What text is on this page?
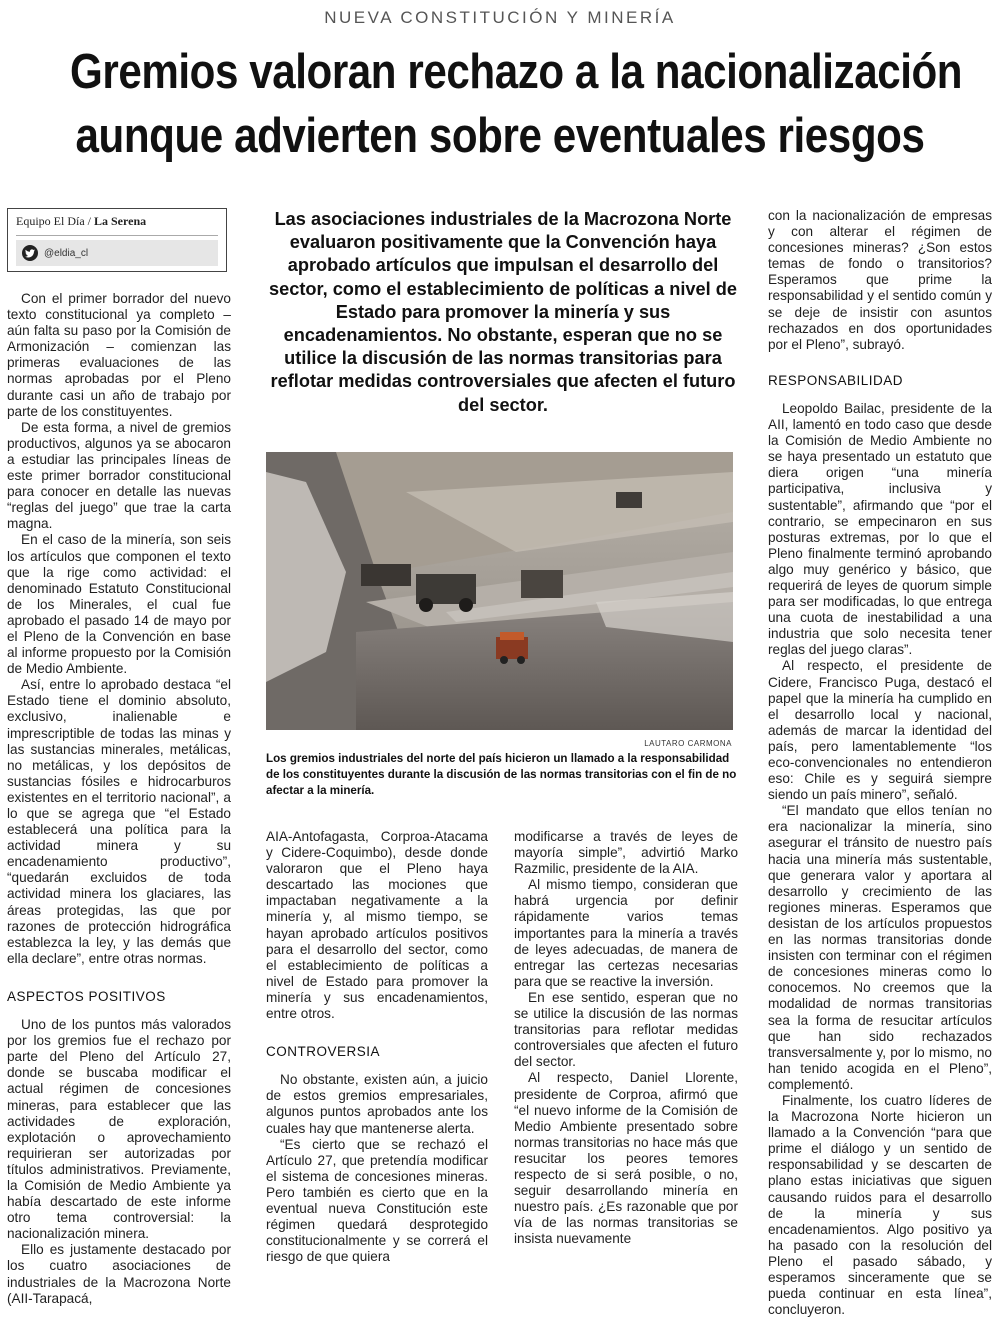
NUEVA CONSTITUCIÓN Y MINERÍA
Gremios valoran rechazo a la nacionalización
aunque advierten sobre eventuales riesgos
Equipo El Día / La Serena
@eldia_cl

Con el primer borrador del nuevo texto constitucional ya completo – aún falta su paso por la Comisión de Armonización – comienzan las primeras evaluaciones de las normas aprobadas por el Pleno durante casi un año de trabajo por parte de los constituyentes.

De esta forma, a nivel de gremios productivos, algunos ya se abocaron a estudiar las principales líneas de este primer borrador constitucional para conocer en detalle las nuevas “reglas del juego” que trae la carta magna.

En el caso de la minería, son seis los artículos que componen el texto que la rige como actividad: el denominado Estatuto Constitucional de los Minerales, el cual fue aprobado el pasado 14 de mayo por el Pleno de la Convención en base al informe propuesto por la Comisión de Medio Ambiente.

Así, entre lo aprobado destaca “el Estado tiene el dominio absoluto, exclusivo, inalienable e imprescriptible de todas las minas y las sustancias minerales, metálicas, no metálicas, y los depósitos de sustancias fósiles e hidrocarburos existentes en el territorio nacional”, a lo que se agrega que “el Estado establecerá una política para la actividad minera y su encadenamiento productivo”, “quedarán excluidos de toda actividad minera los glaciares, las áreas protegidas, las que por razones de protección hidrográfica establezca la ley, y las demás que ella declare”, entre otras normas.

ASPECTOS POSITIVOS

Uno de los puntos más valorados por los gremios fue el rechazo por parte del Pleno del Artículo 27, donde se buscaba modificar el actual régimen de concesiones mineras, para establecer que las actividades de exploración, explotación o aprovechamiento requirieran ser autorizadas por títulos administrativos. Previamente, la Comisión de Medio Ambiente ya había descartado de este informe otro tema controversial: la nacionalización minera.

Ello es justamente destacado por los cuatro asociaciones de industriales de la Macrozona Norte (AII-Tarapacá,

Las asociaciones industriales de la Macrozona Norte evaluaron positivamente que la Convención haya aprobado artículos que impulsan el desarrollo del sector, como el establecimiento de políticas a nivel de Estado para promover la minería y sus encadenamientos. No obstante, esperan que no se utilice la discusión de las normas transitorias para reflotar medidas controversiales que afecten el futuro del sector.
LAUTARO CARMONA
Los gremios industriales del norte del país hicieron un llamado a la responsabilidad de los constituyentes durante la discusión de las normas transitorias con el fin de no afectar a la minería.

AIA-Antofagasta, Corproa-Atacama y Cidere-Coquimbo), desde donde valoraron que el Pleno haya descartado las mociones que impactaban negativamente a la minería y, al mismo tiempo, se hayan aprobado artículos positivos para el desarrollo del sector, como el establecimiento de políticas a nivel de Estado para promover la minería y sus encadenamientos, entre otros.

CONTROVERSIA

No obstante, existen aún, a juicio de estos gremios empresariales, algunos puntos aprobados ante los cuales hay que mantenerse alerta.

“Es cierto que se rechazó el Artículo 27, que pretendía modificar el sistema de concesiones mineras. Pero también es cierto que en la eventual nueva Constitución este régimen quedará desprotegido constitucionalmente y se correrá el riesgo de que quiera

modificarse a través de leyes de mayoría simple”, advirtió Marko Razmilic, presidente de la AIA.

Al mismo tiempo, consideran que habrá urgencia por definir rápidamente varios temas importantes para la minería a través de leyes adecuadas, de manera de entregar las certezas necesarias para que se reactive la inversión.

En ese sentido, esperan que no se utilice la discusión de las normas transitorias para reflotar medidas controversiales que afecten el futuro del sector.

Al respecto, Daniel Llorente, presidente de Corproa, afirmó que “el nuevo informe de la Comisión de Medio Ambiente presentado sobre normas transitorias no hace más que resucitar los peores temores respecto de si será posible, o no, seguir desarrollando minería en nuestro país. ¿Es razonable que por vía de las normas transitorias se insista nuevamente

con la nacionalización de empresas y con alterar el régimen de concesiones mineras? ¿Son estos temas de fondo o transitorios? Esperamos que prime la responsabilidad y el sentido común y se deje de insistir con asuntos rechazados en dos oportunidades por el Pleno”, subrayó.

RESPONSABILIDAD

Leopoldo Bailac, presidente de la AII, lamentó en todo caso que desde la Comisión de Medio Ambiente no se haya presentado un estatuto que diera origen “una minería participativa, inclusiva y sustentable”, afirmando que “por el contrario, se empecinaron en sus posturas extremas, por lo que el Pleno finalmente terminó aprobando algo muy genérico y básico, que requerirá de leyes de quorum simple para ser modificadas, lo que entrega una cuota de inestabilidad a una industria que solo necesita tener reglas del juego claras”.

Al respecto, el presidente de Cidere, Francisco Puga, destacó el papel que la minería ha cumplido en el desarrollo local y nacional, además de marcar la identidad del país, pero lamentablemente “los eco-convencionales no entendieron eso: Chile es y seguirá siempre siendo un país minero”, señaló.

“El mandato que ellos tenían no era nacionalizar la minería, sino asegurar el tránsito de nuestro país hacia una minería más sustentable, que generara valor y aportara al desarrollo y crecimiento de las regiones mineras. Esperamos que desistan de los artículos propuestos en las normas transitorias donde insisten con terminar con el régimen de concesiones mineras como lo conocemos. No creemos que la modalidad de normas transitorias sea la forma de resucitar artículos que han sido rechazados transversalmente y, por lo mismo, no han tenido acogida en el Pleno”, complementó.

Finalmente, los cuatro líderes de la Macrozona Norte hicieron un llamado a la Convención “para que prime el diálogo y un sentido de responsabilidad y se descarten de plano estas iniciativas que siguen causando ruidos para el desarrollo de la minería y sus encadenamientos. Algo positivo ya ha pasado con la resolución del Pleno el pasado sábado, y esperamos sinceramente que se pueda continuar en esta línea”, concluyeron.
